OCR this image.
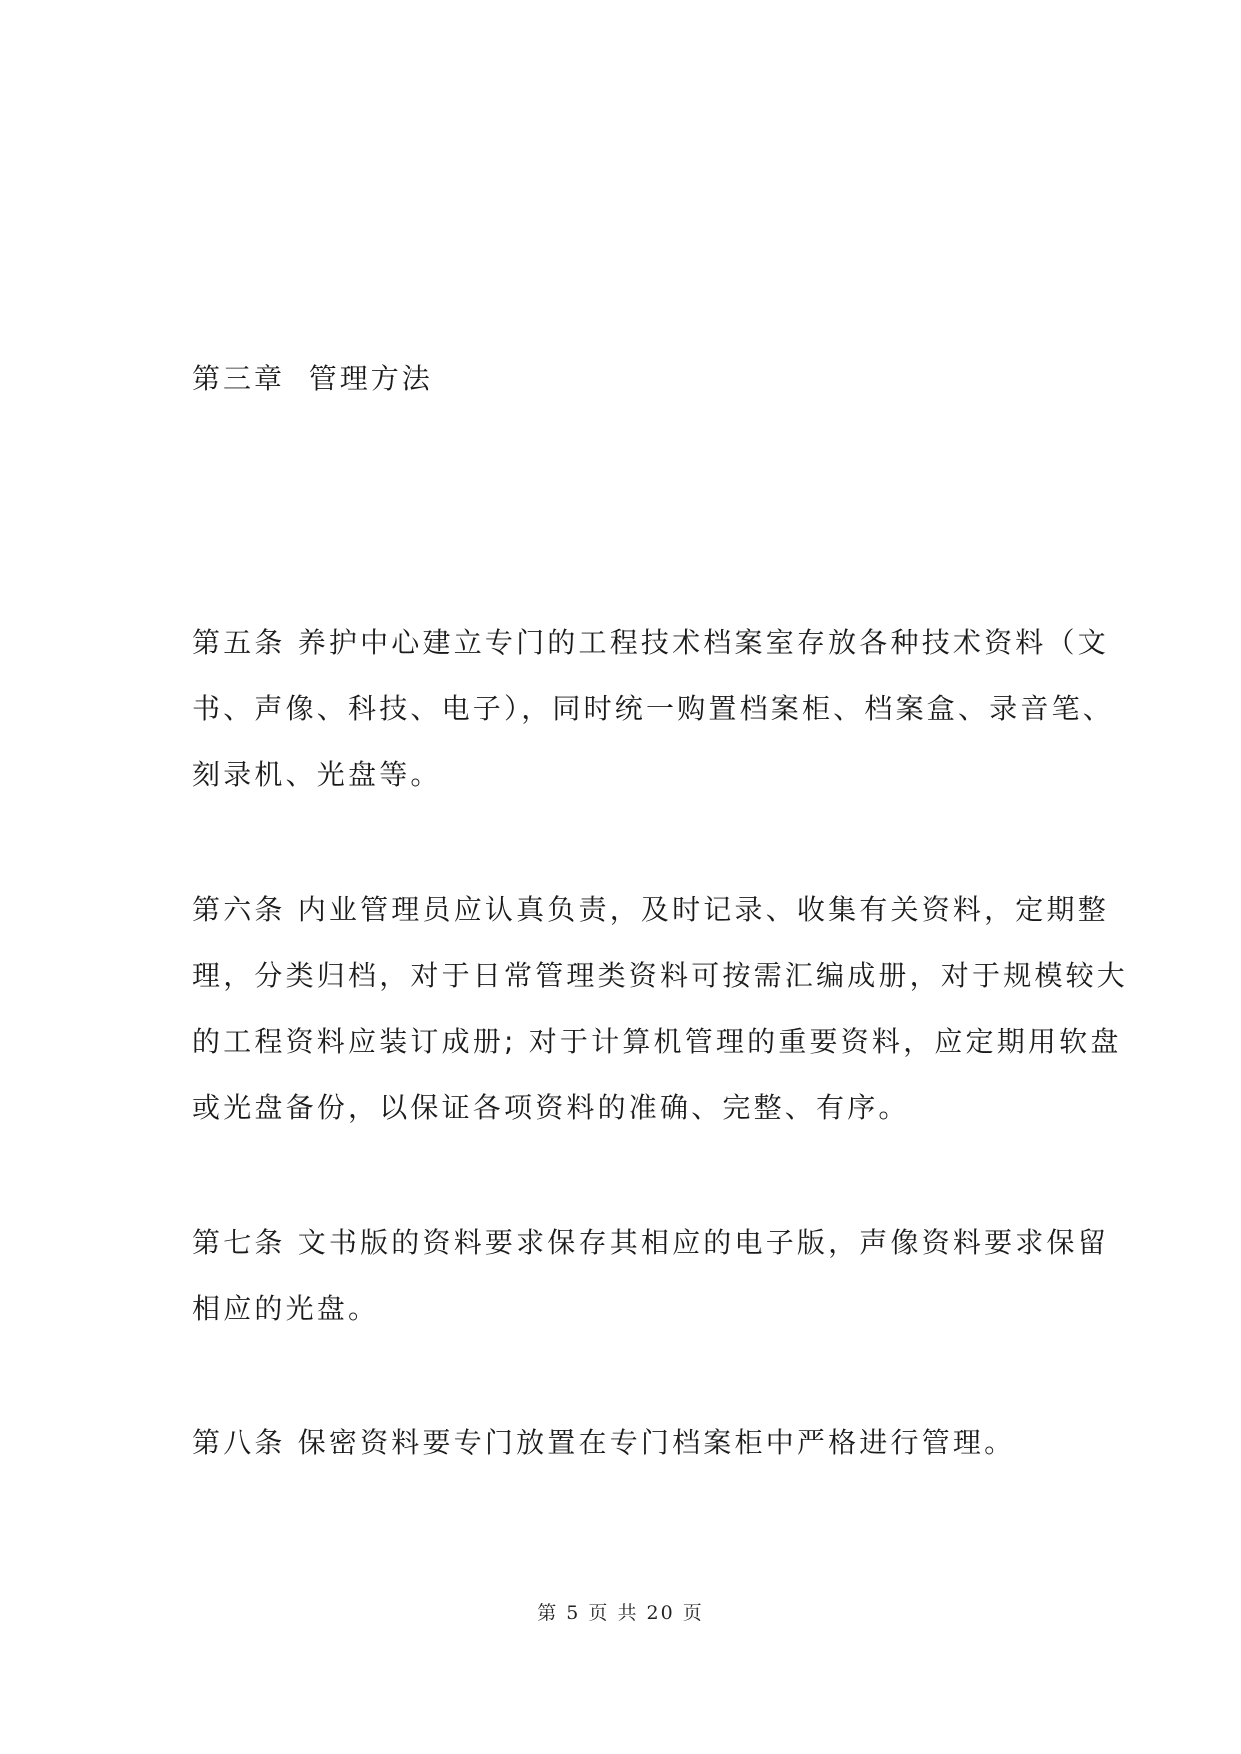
第三章  管理方法
第五条 养护中心建立专门的工程技术档案室存放各种技术资料（文
书、声像、科技、电子），同时统一购置档案柜、档案盒、录音笔、
刻录机、光盘等。
第六条 内业管理员应认真负责，及时记录、收集有关资料，定期整
理，分类归档，对于日常管理类资料可按需汇编成册，对于规模较大
的工程资料应装订成册; 对于计算机管理的重要资料，应定期用软盘
或光盘备份，以保证各项资料的准确、完整、有序。
第七条 文书版的资料要求保存其相应的电子版，声像资料要求保留
相应的光盘。
第八条 保密资料要专门放置在专门档案柜中严格进行管理。
第 5 页 共 20 页
